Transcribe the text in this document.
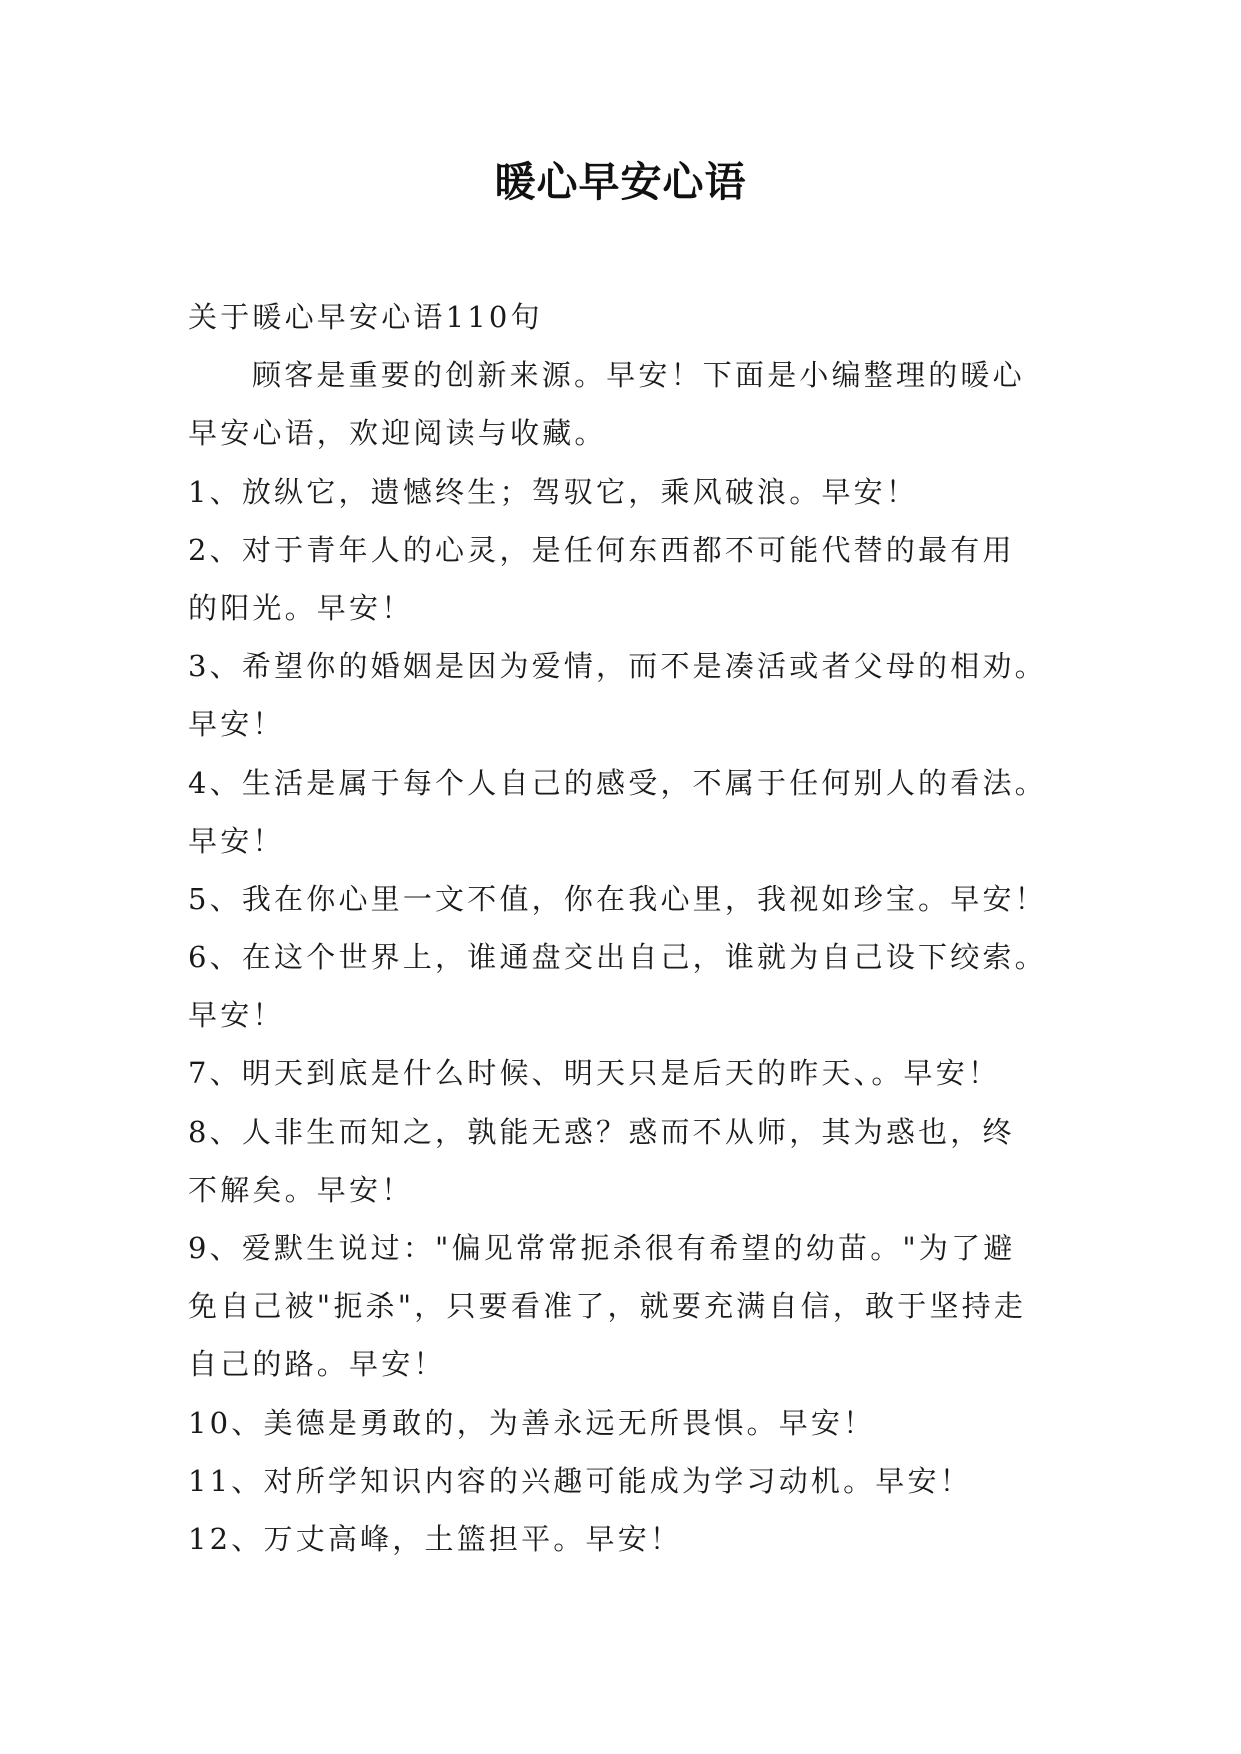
暖心早安心语
关于暖心早安心语110句
顾客是重要的创新来源。早安！下面是小编整理的暖心
早安心语，欢迎阅读与收藏。
1、放纵它，遗憾终生；驾驭它，乘风破浪。早安！
2、对于青年人的心灵，是任何东西都不可能代替的最有用
的阳光。早安！
3、希望你的婚姻是因为爱情，而不是凑活或者父母的相劝。
早安！
4、生活是属于每个人自己的感受，不属于任何别人的看法。
早安！
5、我在你心里一文不值，你在我心里，我视如珍宝。早安！
6、在这个世界上，谁通盘交出自己，谁就为自己设下绞索。
早安！
7、明天到底是什么时候、明天只是后天的昨天、。早安！
8、人非生而知之，孰能无惑？惑而不从师，其为惑也，终
不解矣。早安！
9、爱默生说过："偏见常常扼杀很有希望的幼苗。"为了避
免自己被"扼杀"，只要看准了，就要充满自信，敢于坚持走
自己的路。早安！
10、美德是勇敢的，为善永远无所畏惧。早安！
11、对所学知识内容的兴趣可能成为学习动机。早安！
12、万丈高峰，土篮担平。早安！
